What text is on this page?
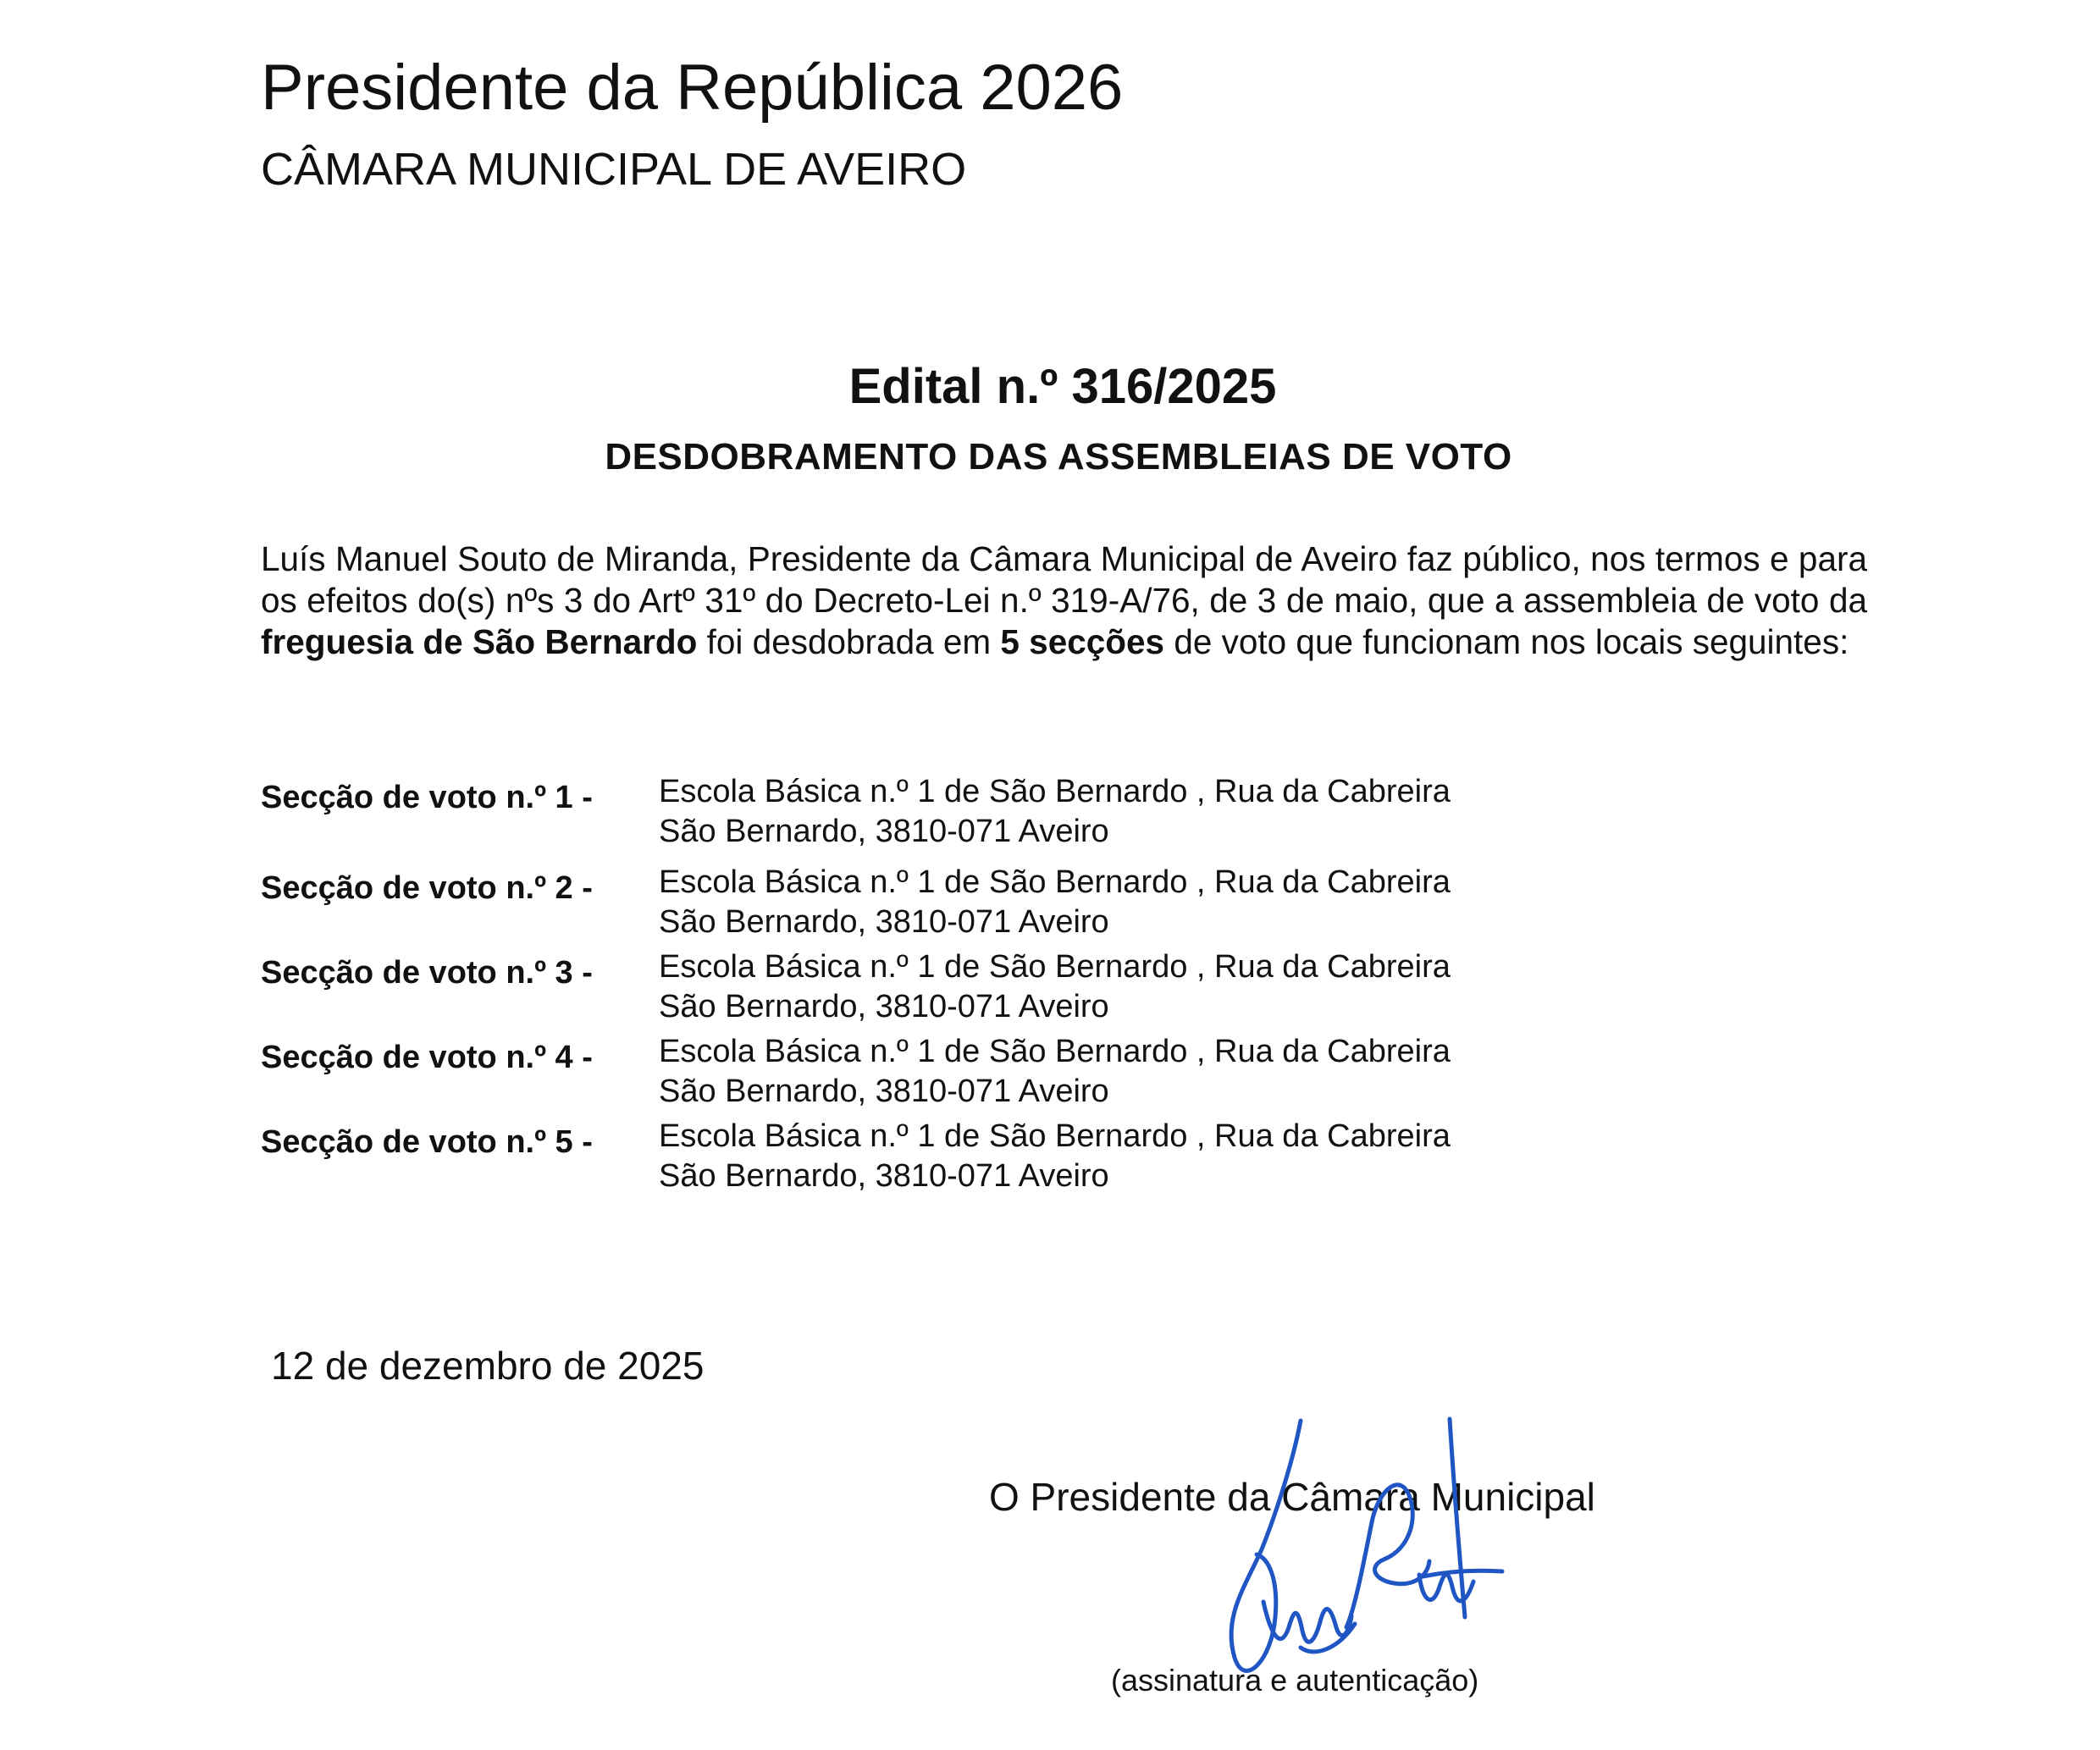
Presidente da República 2026
CÂMARA MUNICIPAL DE AVEIRO
Edital n.º 316/2025
DESDOBRAMENTO DAS ASSEMBLEIAS DE VOTO
Luís Manuel Souto de Miranda, Presidente da Câmara Municipal de Aveiro faz público, nos termos e para os efeitos do(s) nºs 3 do Artº 31º do Decreto-Lei n.º 319-A/76, de 3 de maio, que a assembleia de voto da freguesia de São Bernardo foi desdobrada em 5 secções de voto que funcionam nos locais seguintes:
Secção de voto n.º 1 -	Escola Básica n.º 1 de São Bernardo , Rua da Cabreira
São Bernardo, 3810-071 Aveiro
Secção de voto n.º 2 -	Escola Básica n.º 1 de São Bernardo , Rua da Cabreira
São Bernardo, 3810-071 Aveiro
Secção de voto n.º 3 -	Escola Básica n.º 1 de São Bernardo , Rua da Cabreira
São Bernardo, 3810-071 Aveiro
Secção de voto n.º 4 -	Escola Básica n.º 1 de São Bernardo , Rua da Cabreira
São Bernardo, 3810-071 Aveiro
Secção de voto n.º 5 -	Escola Básica n.º 1 de São Bernardo , Rua da Cabreira
São Bernardo, 3810-071 Aveiro
12 de dezembro de 2025
O Presidente da Câmara Municipal
(assinatura e autenticação)
